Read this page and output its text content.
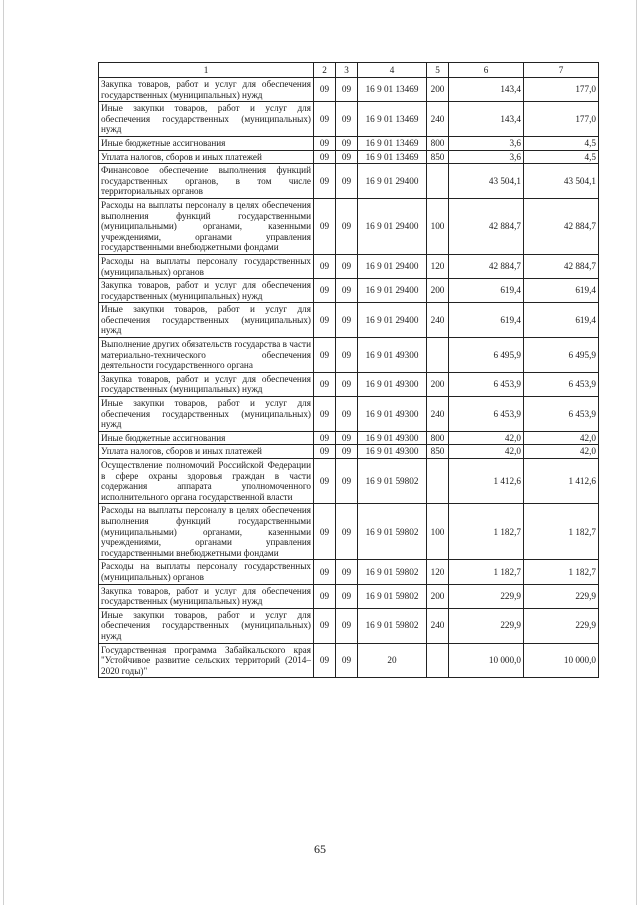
1	2	3	4	5	6	7
Закупка товаров, работ и услуг для обеспечения государственных (муниципальных) нужд	09	09	16 9 01 13469	200	143,4	177,0
Иные закупки товаров, работ и услуг для обеспечения государственных (муниципальных) нужд	09	09	16 9 01 13469	240	143,4	177,0
Иные бюджетные ассигнования	09	09	16 9 01 13469	800	3,6	4,5
Уплата налогов, сборов и иных платежей	09	09	16 9 01 13469	850	3,6	4,5
Финансовое обеспечение выполнения функций государственных органов, в том числе территориальных органов	09	09	16 9 01 29400		43 504,1	43 504,1
Расходы на выплаты персоналу в целях обеспечения выполнения функций государственными (муниципальными) органами, казенными учреждениями, органами управления государственными внебюджетными фондами	09	09	16 9 01 29400	100	42 884,7	42 884,7
Расходы на выплаты персоналу государственных (муниципальных) органов	09	09	16 9 01 29400	120	42 884,7	42 884,7
Закупка товаров, работ и услуг для обеспечения государственных (муниципальных) нужд	09	09	16 9 01 29400	200	619,4	619,4
Иные закупки товаров, работ и услуг для обеспечения государственных (муниципальных) нужд	09	09	16 9 01 29400	240	619,4	619,4
Выполнение других обязательств государства в части материально-технического обеспечения деятельности государственного органа	09	09	16 9 01 49300		6 495,9	6 495,9
Закупка товаров, работ и услуг для обеспечения государственных (муниципальных) нужд	09	09	16 9 01 49300	200	6 453,9	6 453,9
Иные закупки товаров, работ и услуг для обеспечения государственных (муниципальных) нужд	09	09	16 9 01 49300	240	6 453,9	6 453,9
Иные бюджетные ассигнования	09	09	16 9 01 49300	800	42,0	42,0
Уплата налогов, сборов и иных платежей	09	09	16 9 01 49300	850	42,0	42,0
Осуществление полномочий Российской Федерации в сфере охраны здоровья граждан в части содержания аппарата уполномоченного исполнительного органа государственной власти	09	09	16 9 01 59802		1 412,6	1 412,6
Расходы на выплаты персоналу в целях обеспечения выполнения функций государственными (муниципальными) органами, казенными учреждениями, органами управления государственными внебюджетными фондами	09	09	16 9 01 59802	100	1 182,7	1 182,7
Расходы на выплаты персоналу государственных (муниципальных) органов	09	09	16 9 01 59802	120	1 182,7	1 182,7
Закупка товаров, работ и услуг для обеспечения государственных (муниципальных) нужд	09	09	16 9 01 59802	200	229,9	229,9
Иные закупки товаров, работ и услуг для обеспечения государственных (муниципальных) нужд	09	09	16 9 01 59802	240	229,9	229,9
Государственная программа Забайкальского края "Устойчивое развитие сельских территорий (2014–2020 годы)"	09	09	20		10 000,0	10 000,0
65
